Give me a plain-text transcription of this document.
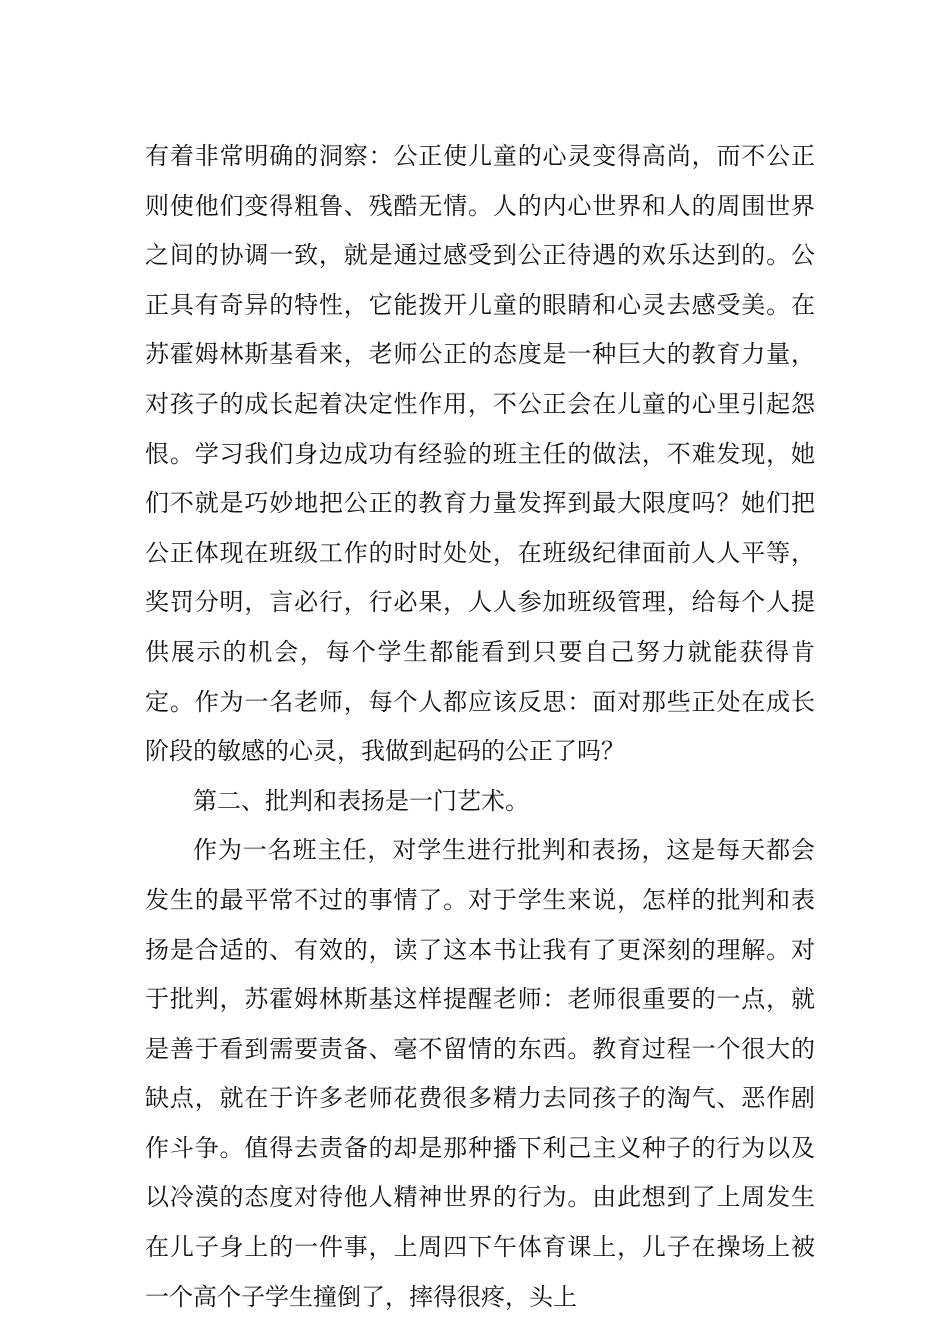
有着非常明确的洞察：公正使儿童的心灵变得高尚，而不公正则使他们变得粗鲁、残酷无情。人的内心世界和人的周围世界之间的协调一致，就是通过感受到公正待遇的欢乐达到的。公正具有奇异的特性，它能拨开儿童的眼睛和心灵去感受美。在苏霍姆林斯基看来，老师公正的态度是一种巨大的教育力量，对孩子的成长起着决定性作用，不公正会在儿童的心里引起怨恨。学习我们身边成功有经验的班主任的做法，不难发现，她们不就是巧妙地把公正的教育力量发挥到最大限度吗？她们把公正体现在班级工作的时时处处，在班级纪律面前人人平等，奖罚分明，言必行，行必果，人人参加班级管理，给每个人提供展示的机会，每个学生都能看到只要自己努力就能获得肯定。作为一名老师，每个人都应该反思：面对那些正处在成长阶段的敏感的心灵，我做到起码的公正了吗？

第二、批判和表扬是一门艺术。

作为一名班主任，对学生进行批判和表扬，这是每天都会发生的最平常不过的事情了。对于学生来说，怎样的批判和表扬是合适的、有效的，读了这本书让我有了更深刻的理解。对于批判，苏霍姆林斯基这样提醒老师：老师很重要的一点，就是善于看到需要责备、毫不留情的东西。教育过程一个很大的缺点，就在于许多老师花费很多精力去同孩子的淘气、恶作剧作斗争。值得去责备的却是那种播下利己主义种子的行为以及以冷漠的态度对待他人精神世界的行为。由此想到了上周发生在儿子身上的一件事，上周四下午体育课上，儿子在操场上被一个高个子学生撞倒了，摔得很疼，头上
